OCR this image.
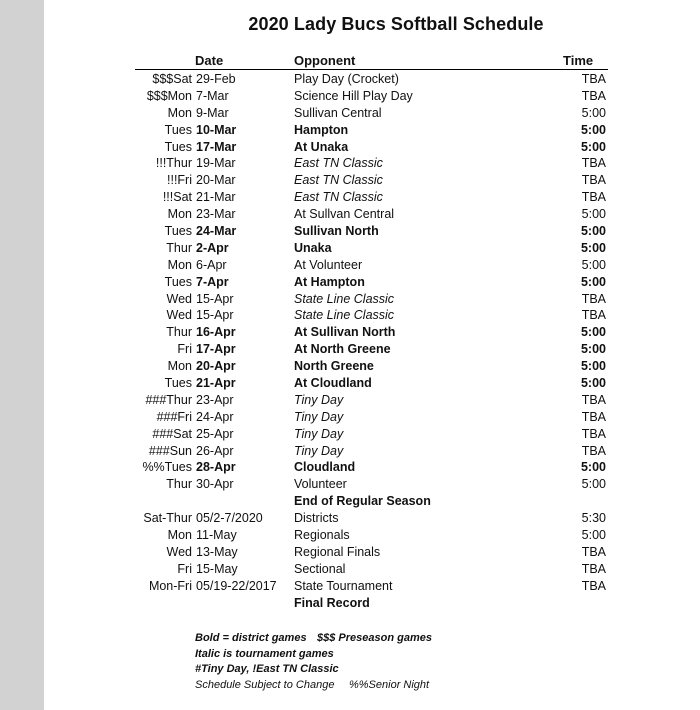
2020 Lady Bucs Softball Schedule
Date	Opponent	Time
$$$Sat 29-Feb	Play Day (Crocket)	TBA
$$$Mon 7-Mar	Science Hill Play Day	TBA
Mon 9-Mar	Sullivan Central	5:00
Tues 10-Mar	Hampton	5:00
Tues 17-Mar	At Unaka	5:00
!!!Thur 19-Mar	East TN Classic	TBA
!!!Fri 20-Mar	East TN Classic	TBA
!!!Sat 21-Mar	East TN Classic	TBA
Mon 23-Mar	At Sullvan Central	5:00
Tues 24-Mar	Sullivan North	5:00
Thur 2-Apr	Unaka	5:00
Mon 6-Apr	At Volunteer	5:00
Tues 7-Apr	At Hampton	5:00
Wed 15-Apr	State Line Classic	TBA
Wed 15-Apr	State Line Classic	TBA
Thur 16-Apr	At Sullivan North	5:00
Fri 17-Apr	At North Greene	5:00
Mon 20-Apr	North Greene	5:00
Tues 21-Apr	At Cloudland	5:00
###Thur 23-Apr	Tiny Day	TBA
###Fri 24-Apr	Tiny Day	TBA
###Sat 25-Apr	Tiny Day	TBA
###Sun 26-Apr	Tiny Day	TBA
%%Tues 28-Apr	Cloudland	5:00
Thur 30-Apr	Volunteer	5:00
End of Regular Season
Sat-Thur 05/2-7/2020	Districts	5:30
Mon 11-May	Regionals	5:00
Wed 13-May	Regional Finals	TBA
Fri 15-May	Sectional	TBA
Mon-Fri 05/19-22/2017 State Tournament	TBA
Final Record
Bold = district games $$$ Preseason games
Italic is tournament games
#Tiny Day, !East TN Classic
Schedule Subject to Change %%Senior Night
